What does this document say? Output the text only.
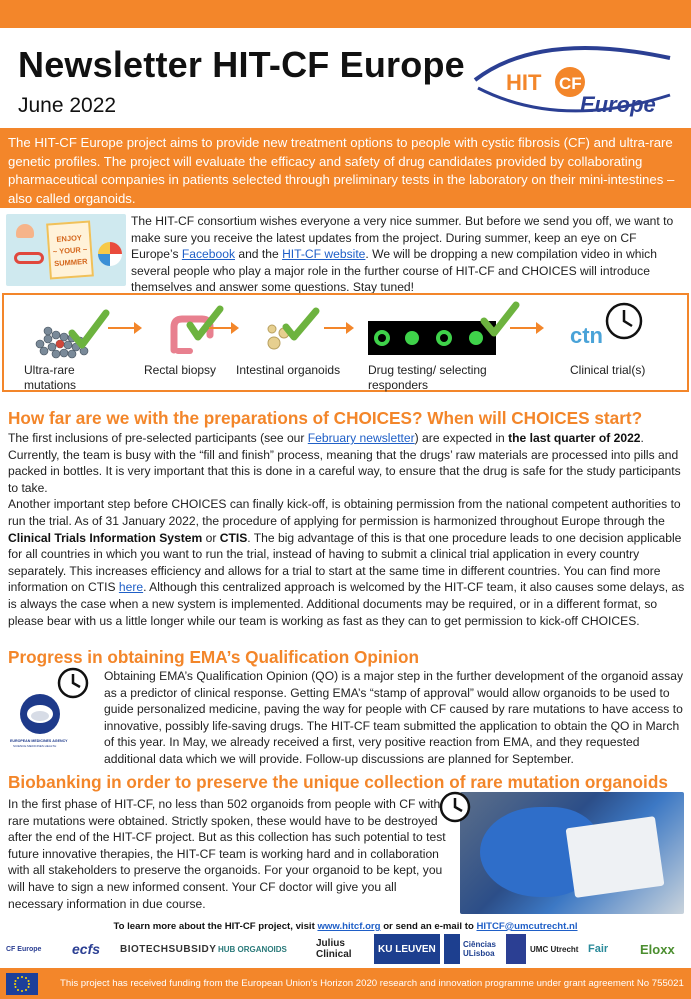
Newsletter HIT-CF Europe
June 2022
HIT CF
Europe

The HIT-CF Europe project aims to provide new treatment options to people with cystic fibrosis (CF) and ultra-rare genetic profiles. The project will evaluate the efficacy and safety of drug candidates provided by collaborating pharmaceutical companies in patients selected through preliminary tests in the laboratory on their mini-intestines – also called organoids.

ENJOY
~ YOUR ~
SUMMER

The HIT-CF consortium wishes everyone a very nice summer. But before we send you off, we want to make sure you receive the latest updates from the project. During summer, keep an eye on CF Europe’s Facebook and the HIT-CF website. We will be dropping a new compilation video in which several people who play a major role in the further course of HIT-CF and CHOICES will introduce themselves and answer some questions. Stay tuned!

Ultra-rare
mutations
Rectal biopsy Intestinal organoids Drug testing/ selecting
responders
ctn
Clinical trial(s)
How far are we with the preparations of CHOICES? When will CHOICES start?

The first inclusions of pre-selected participants (see our February newsletter) are expected in the last quarter of 2022. Currently, the team is busy with the “fill and finish” process, meaning that the drugs’ raw materials are processed into pills and packed in bottles. It is very important that this is done in a careful way, to ensure that the drug is safe for the study participants to take.

Another important step before CHOICES can finally kick-off, is obtaining permission from the national competent authorities to run the trial. As of 31 January 2022, the procedure of applying for permission is harmonized throughout Europe through the Clinical Trials Information System or CTIS. The big advantage of this is that one procedure leads to one decision applicable for all countries in which you want to run the trial, instead of having to submit a clinical trial application in every country separately. This increases efficiency and allows for a trial to start at the same time in different countries. You can find more information on CTIS here. Although this centralized approach is welcomed by the HIT-CF team, it also causes some delays, as is always the case when a new system is implemented. Additional documents may be required, or in a different format, so please bear with us a little longer while our team is working as fast as they can to get permission to kick-off CHOICES.

Progress in obtaining EMA’s Qualification Opinion
EUROPEAN MEDICINES AGENCY
SCIENCE MEDICINES HEALTH

Obtaining EMA’s Qualification Opinion (QO) is a major step in the further development of the organoid assay as a predictor of clinical response. Getting EMA’s “stamp of approval” would allow organoids to be used to guide personalized medicine, paving the way for people with CF caused by rare mutations to have access to innovative, possibly life-saving drugs. The HIT-CF team submitted the application to obtain the QO in March of this year. In May, we already received a first, very positive reaction from EMA, and they requested additional data which we will provide. Follow-up discussions are planned for September.

Biobanking in order to preserve the unique collection of rare mutation organoids

In the first phase of HIT-CF, no less than 502 organoids from people with CF with rare mutations were obtained. Strictly spoken, these would have to be destroyed after the end of the HIT-CF project. But as this collection has such potential to test future innovative therapies, the HIT-CF team is working hard and in collaboration with all stakeholders to preserve the organoids. For your organoid to be kept, you will have to sign a new informed consent. Your CF doctor will give you all necessary information in due course.

To learn more about the HIT-CF project, visit www.hitcf.org or send an e-mail to HITCF@umcutrecht.nl

CF Europe ecfs BIOTECHSUBSIDY HUB ORGANOIDS	Julius Clinical	KU LEUVEN	Ciências ULisboa	UMC Utrecht Fair Eloxx
This project has received funding from the European Union’s Horizon 2020 research and innovation programme under grant agreement No 755021
